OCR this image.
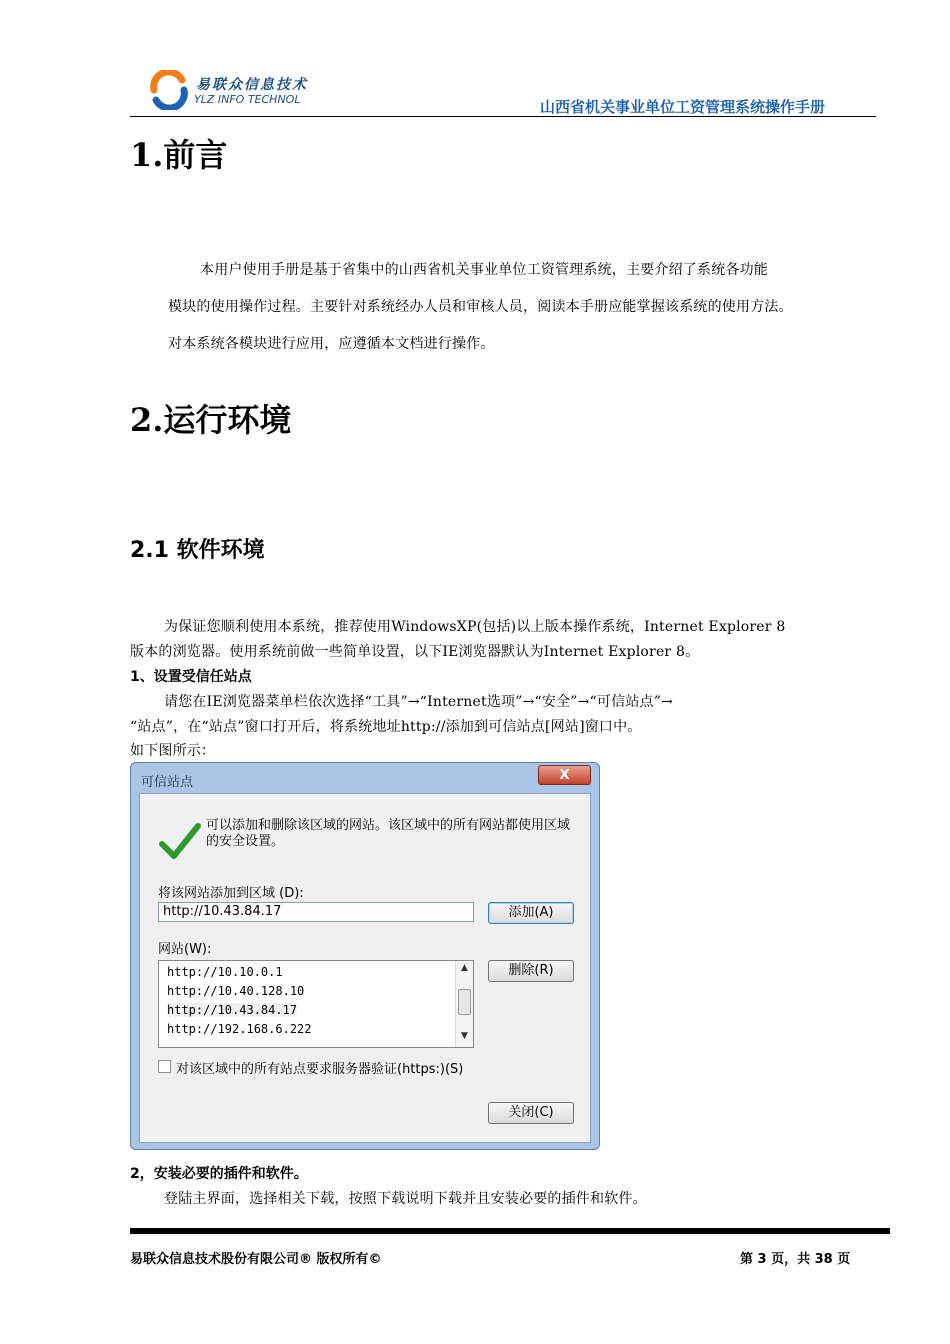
易联众信息技术
YLZ INFO TECHNOL	山西省机关事业单位工资管理系统操作手册
1.前言
本用户使用手册是基于省集中的山西省机关事业单位工资管理系统，主要介绍了系统各功能
模块的使用操作过程。主要针对系统经办人员和审核人员，阅读本手册应能掌握该系统的使用方法。
对本系统各模块进行应用，应遵循本文档进行操作。
2.运行环境
2.1 软件环境
为保证您顺利使用本系统，推荐使用WindowsXP(包括)以上版本操作系统，Internet Explorer 8
版本的浏览器。使用系统前做一些简单设置，以下IE浏览器默认为Internet Explorer 8。
1、设置受信任站点
请您在IE浏览器菜单栏依次选择“工具”→“Internet选项”→“安全”→“可信站点”→
“站点”，在“站点”窗口打开后，将系统地址http://添加到可信站点[网站]窗口中。
如下图所示：
可信站点	X
可以添加和删除该区域的网站。该区域中的所有网站都使用区域的安全设置。
将该网站添加到区域 (D):
http://10.43.84.17	添加(A)
网站(W):
http://10.10.0.1
http://10.40.128.10
http://10.43.84.17
http://192.168.6.222
▲
▼
删除(R)
对该区域中的所有站点要求服务器验证(https:)(S)
关闭(C)
2，安装必要的插件和软件。
登陆主界面，选择相关下载，按照下载说明下载并且安装必要的插件和软件。
易联众信息技术股份有限公司® 版权所有©	第 3 页，共 38 页
